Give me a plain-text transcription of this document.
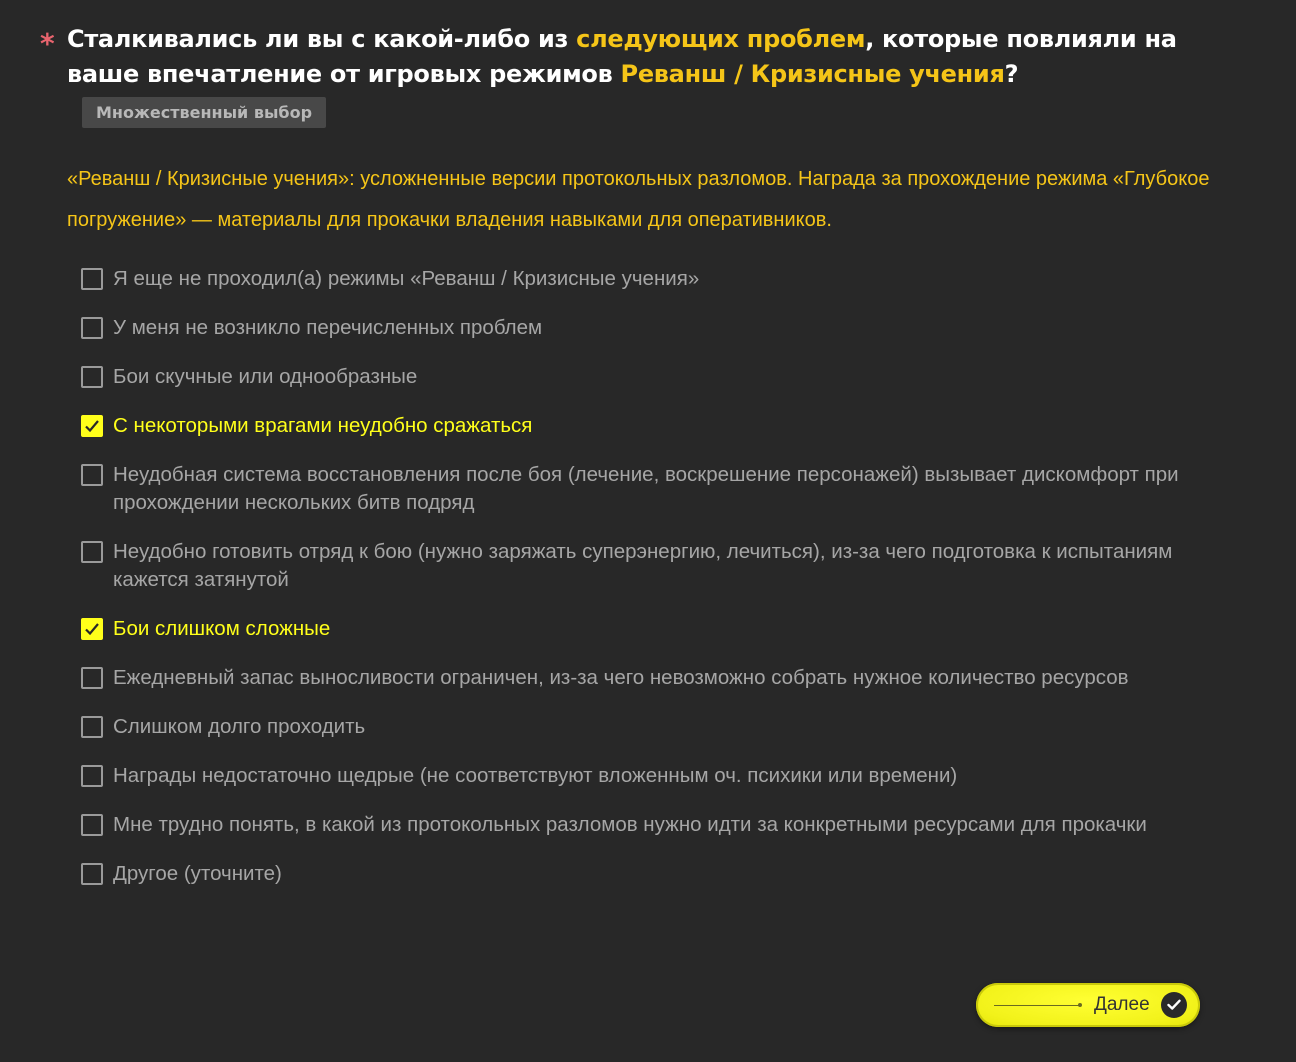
* Сталкивались ли вы с какой-либо из следующих проблем, которые повлияли на ваше впечатление от игровых режимов Реванш / Кризисные учения?
Множественный выбор
«Реванш / Кризисные учения»: усложненные версии протокольных разломов. Награда за прохождение режима «Глубокое погружение» — материалы для прокачки владения навыками для оперативников.
Я еще не проходил(а) режимы «Реванш / Кризисные учения»
У меня не возникло перечисленных проблем
Бои скучные или однообразные
С некоторыми врагами неудобно сражаться
Неудобная система восстановления после боя (лечение, воскрешение персонажей) вызывает дискомфорт при прохождении нескольких битв подряд
Неудобно готовить отряд к бою (нужно заряжать суперэнергию, лечиться), из-за чего подготовка к испытаниям кажется затянутой
Бои слишком сложные
Ежедневный запас выносливости ограничен, из-за чего невозможно собрать нужное количество ресурсов
Слишком долго проходить
Награды недостаточно щедрые (не соответствуют вложенным оч. психики или времени)
Мне трудно понять, в какой из протокольных разломов нужно идти за конкретными ресурсами для прокачки
Другое (уточните)
Далее
